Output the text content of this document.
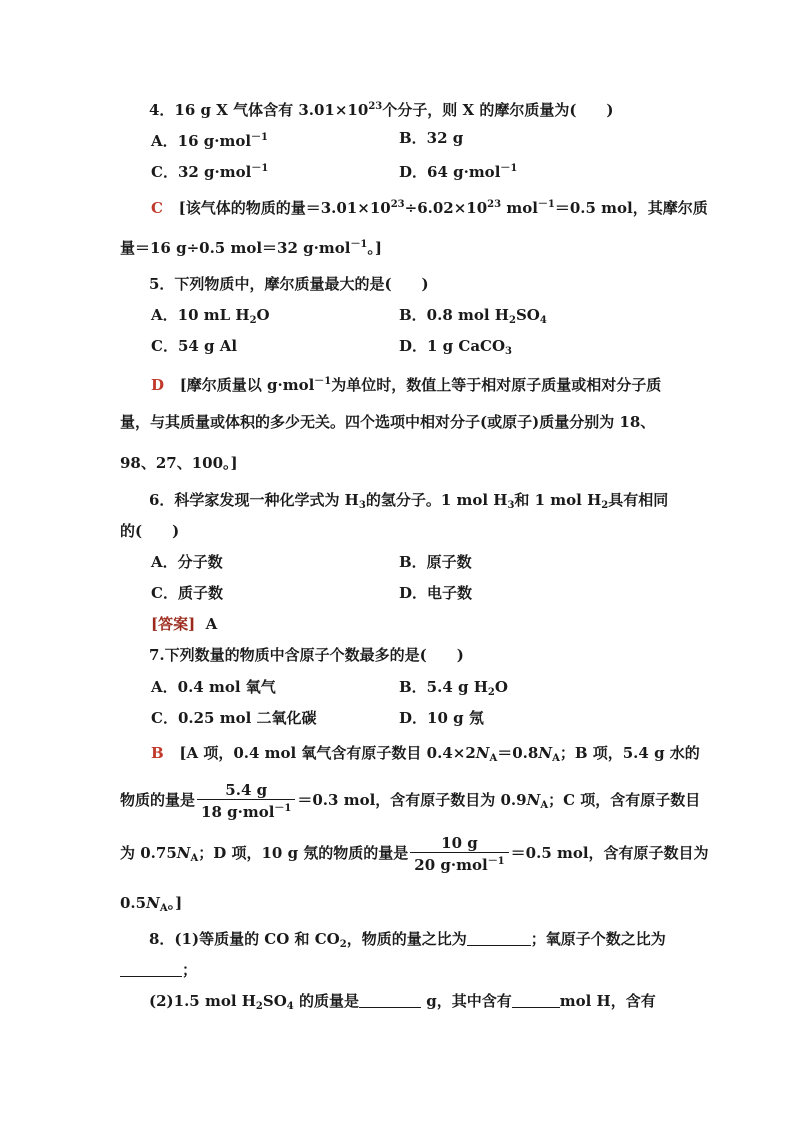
4．16 g X 气体含有 $3.01\times 10^{23}$个分子，则 X 的摩尔质量为(　　)
A．16 g·mol$^{-1}$	B．32 g
C．32 g·mol$^{-1}$	D．64 g·mol$^{-1}$
C [该气体的物质的量$=3.01\times 10^{23}\div 6.02\times 10^{23}$ mol$^{-1}$＝0.5 mol，其摩尔质
量＝16 g÷0.5 mol＝32 g·mol$^{-1}$。]
5．下列物质中，摩尔质量最大的是(　　)
A．10 mL $H_2O$	B．0.8 mol $H_2SO_4$
C．54 g Al	D．1 g CaCO$_3$
D [摩尔质量以 g·mol$^{-1}$为单位时，数值上等于相对原子质量或相对分子质
量，与其质量或体积的多少无关。四个选项中相对分子(或原子)质量分别为 18、
98、27、100。]
6．科学家发现一种化学式为 $H_3$的氢分子。1 mol $H_3$和 1 mol $H_2$具有相同
的(　　)
A．分子数	B．原子数
C．质子数	D．电子数
[答案] A
7.下列数量的物质中含原子个数最多的是(　　)
A．0.4 mol 氧气	B．5.4 g $H_2O$
C．0.25 mol 二氧化碳	D．10 g 氖
B [A 项，0.4 mol 氧气含有原子数目 $0.4\times 2N_A=0.8N_A$；B 项，5.4 g 水的
物质的量是 $\frac{5.4 g}{18 g\cdot mol^{-1}} =0.3$ mol，含有原子数目为 $0.9N_A$；C 项，含有原子数目
为 $0.75N_A$；D 项，10 g 氖的物质的量是 $\frac{10 g}{20 g\cdot mol^{-1}} =0.5$ mol，含有原子数目为
$0.5N_A$。]
8．(1)等质量的 CO 和 $CO_2$，物质的量之比为	；氧原子个数之比为
；
(2)1.5 mol $H_2SO_4$ 的质量是	g，其中含有	mol H，含有
